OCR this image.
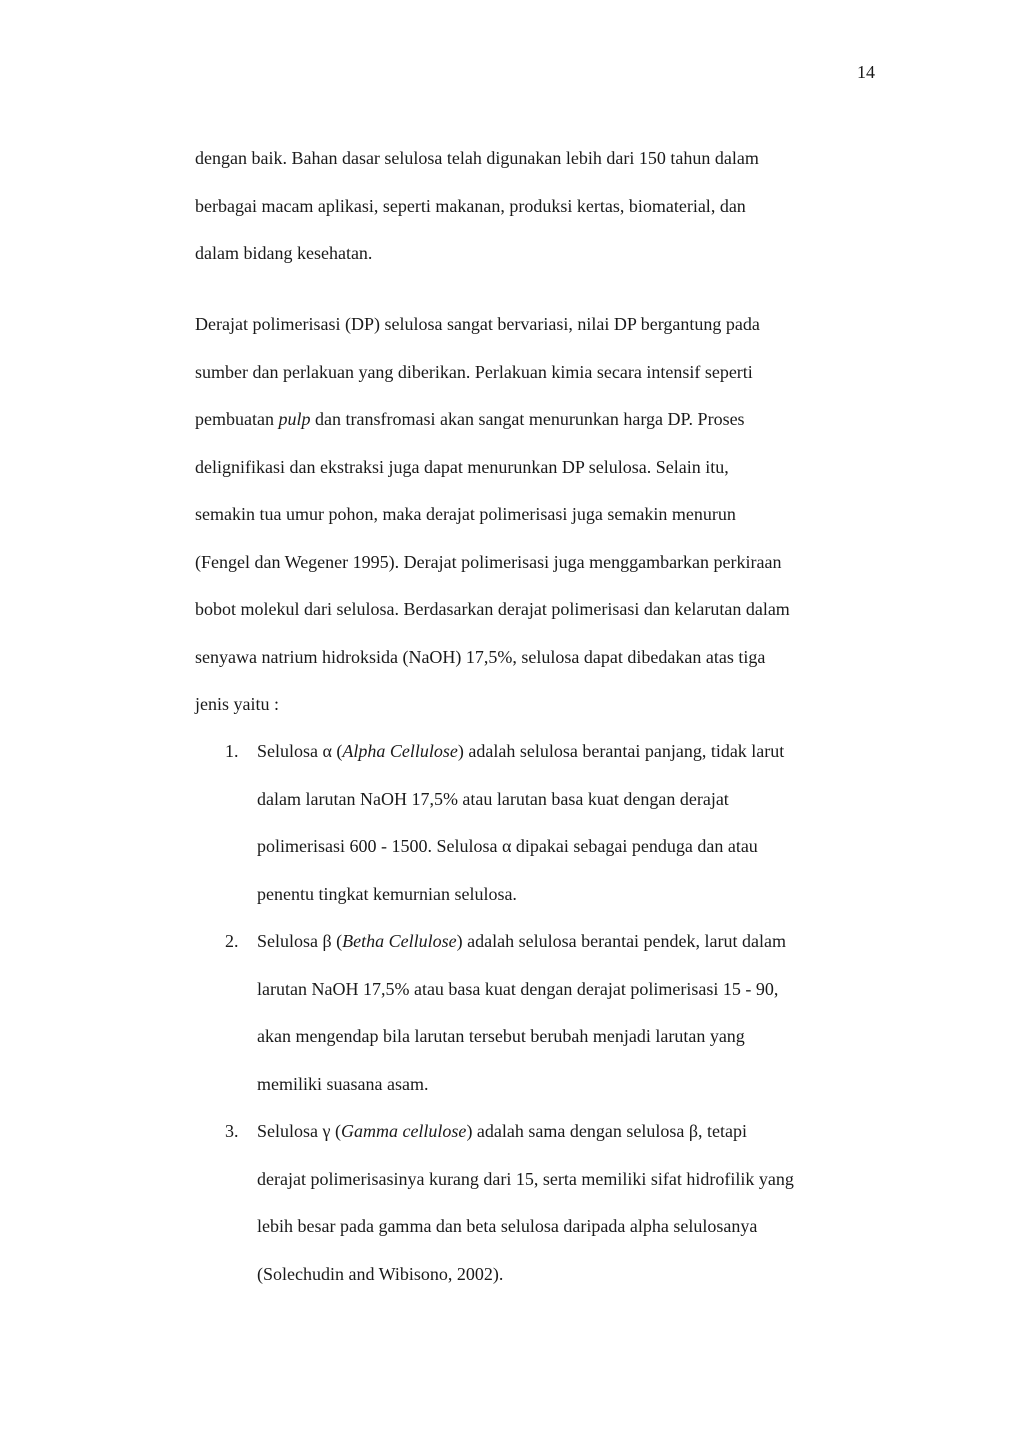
14
dengan baik. Bahan dasar selulosa telah digunakan lebih dari 150 tahun dalam
berbagai macam aplikasi, seperti makanan, produksi kertas, biomaterial, dan
dalam bidang kesehatan.
Derajat polimerisasi (DP) selulosa sangat bervariasi, nilai DP bergantung pada
sumber dan perlakuan yang diberikan. Perlakuan kimia secara intensif seperti
pembuatan pulp dan transfromasi akan sangat menurunkan harga DP. Proses
delignifikasi dan ekstraksi juga dapat menurunkan DP selulosa. Selain itu,
semakin tua umur pohon, maka derajat polimerisasi juga semakin menurun
(Fengel dan Wegener 1995). Derajat polimerisasi juga menggambarkan perkiraan
bobot molekul dari selulosa. Berdasarkan derajat polimerisasi dan kelarutan dalam
senyawa natrium hidroksida (NaOH) 17,5%, selulosa dapat dibedakan atas tiga
jenis yaitu :
1. Selulosa α (Alpha Cellulose) adalah selulosa berantai panjang, tidak larut
dalam larutan NaOH 17,5% atau larutan basa kuat dengan derajat
polimerisasi 600 - 1500. Selulosa α dipakai sebagai penduga dan atau
penentu tingkat kemurnian selulosa.
2. Selulosa β (Betha Cellulose) adalah selulosa berantai pendek, larut dalam
larutan NaOH 17,5% atau basa kuat dengan derajat polimerisasi 15 - 90,
akan mengendap bila larutan tersebut berubah menjadi larutan yang
memiliki suasana asam.
3. Selulosa γ (Gamma cellulose) adalah sama dengan selulosa β, tetapi
derajat polimerisasinya kurang dari 15, serta memiliki sifat hidrofilik yang
lebih besar pada gamma dan beta selulosa daripada alpha selulosanya
(Solechudin and Wibisono, 2002).
